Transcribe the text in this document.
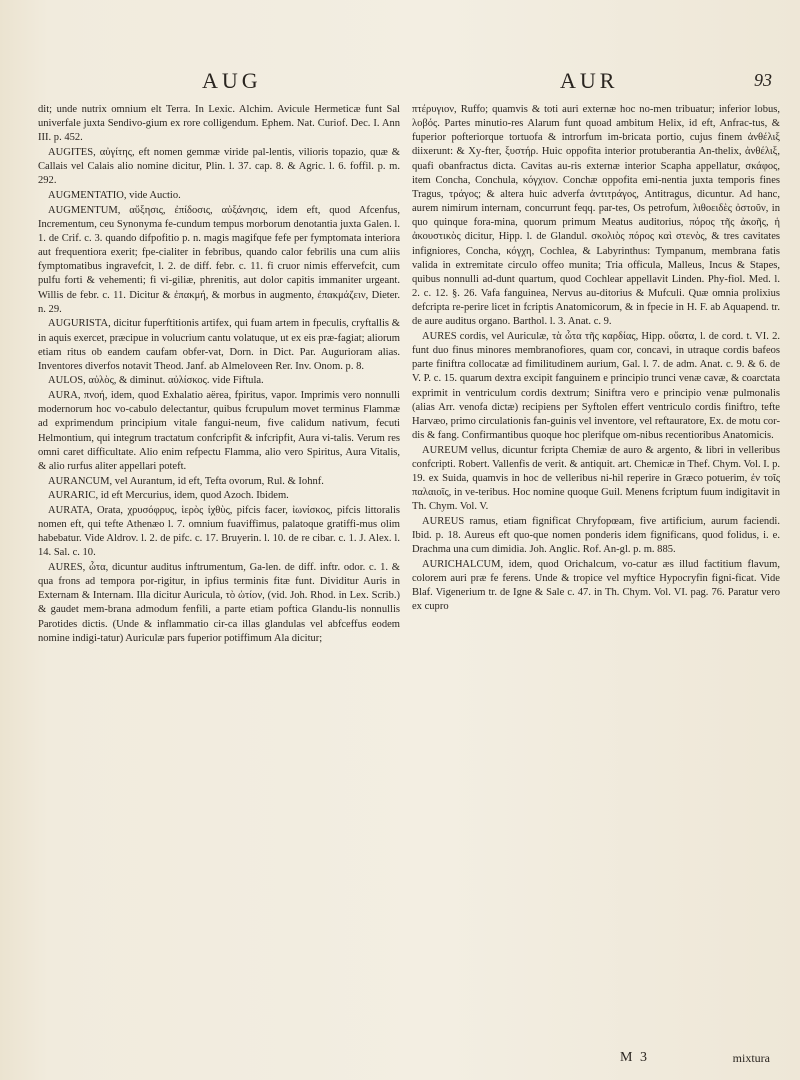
AUG	AUR	93

dit; unde nutrix omnium elt Terra. In Lexic. Alchim. Avicule Hermeticæ funt Sal univerfale juxta Sendivo-gium ex rore colligendum. Ephem. Nat. Curiof. Dec. I. Ann III. p. 452.

AUGITES, αὐγίτης, eft nomen gemmæ viride pal-lentis, vilioris topazio, quæ & Callais vel Calais alio nomine dicitur, Plin. l. 37. cap. 8. & Agric. l. 6. foffil. p. m. 292.

AUGMENTATIO, vide Auctio.

AUGMENTUM, αὔξησις, ἐπίδοσις, αὐξάνησις, idem eft, quod Afcenfus, Incrementum, ceu Synonyma fe-cundum tempus morborum denotantia juxta Galen. l. 1. de Crif. c. 3. quando difpofitio p. n. magis magifque fefe per fymptomata interiora aut frequentiora exerit; fpe-cialiter in febribus, quando calor febrilis una cum aliis fymptomatibus ingravefcit, l. 2. de diff. febr. c. 11. fi cruor nimis effervefcit, cum pulfu forti & vehementi; fi vi-giliæ, phrenitis, aut dolor capitis immaniter urgeant. Willis de febr. c. 11. Dicitur & ἐπακμή, & morbus in augmento, ἐπακμάζειν, Dieter. n. 29.

AUGURISTA, dicitur fuperftitionis artifex, qui fuam artem in fpeculis, cryftallis & in aquis exercet, præcipue in volucrium cantu volatuque, ut ex eis præ-fagiat; aliorum etiam ritus ob eandem caufam obfer-vat, Dorn. in Dict. Par. Augurioram alias. Inventores diverfos notavit Theod. Janf. ab Almeloveen Rer. Inv. Onom. p. 8.

AULOS, αὐλὸς, & diminut. αὐλίσκος. vide Fiftula.

AURA, πνοή, idem, quod Exhalatio aërea, fpiritus, vapor. Imprimis vero nonnulli modernorum hoc vo-cabulo delectantur, quibus fcrupulum movet terminus Flammæ ad exprimendum principium vitale fangui-neum, five calidum nativum, fecuti Helmontium, qui integrum tractatum confcripfit & infcripfit, Aura vi-talis. Verum res omni caret difficultate. Alio enim refpectu Flamma, alio vero Spiritus, Aura Vitalis, & alio rurfus aliter appellari poteft.

AURANCUM, vel Aurantum, id eft, Tefta ovorum, Rul. & Iohnf.

AURARIC, id eft Mercurius, idem, quod Azoch. Ibidem.

AURATA, Orata, χρυσόφρυς, ἱερὸς ἰχθὺς, pifcis facer, ἰωνίσκος, pifcis littoralis nomen eft, qui tefte Athenæo l. 7. omnium fuaviffimus, palatoque gratiffi-mus olim habebatur. Vide Aldrov. l. 2. de pifc. c. 17. Bruyerin. l. 10. de re cibar. c. 1. J. Alex. l. 14. Sal. c. 10.

AURES, ὦτα, dicuntur auditus inftrumentum, Ga-len. de diff. inftr. odor. c. 1. & qua frons ad tempora por-rigitur, in ipfius terminis fitæ funt. Dividitur Auris in Externam & Internam. Illa dicitur Auricula, τὸ ὠτίον, (vid. Joh. Rhod. in Lex. Scrib.) & gaudet mem-brana admodum fenfili, a parte etiam poftica Glandu-lis nonnullis Parotides dictis. (Unde & inflammatio cir-ca illas glandulas vel abfceffus eodem nomine indigi-tatur) Auriculæ pars fuperior potiffimum Ala dicitur;

πτέρυγιον, Ruffo; quamvis & toti auri externæ hoc no-men tribuatur; inferior lobus, λοβός. Partes minutio-res Alarum funt quoad ambitum Helix, id eft, Anfrac-tus, & fuperior pofteriorque tortuofa & introrfum im-bricata portio, cujus finem ἀνθέλιξ diixerunt: & Xy-fter, ξυστήρ. Huic oppofita interior protuberantia An-thelix, ἀνθέλιξ, quafi obanfractus dicta. Cavitas au-ris externæ interior Scapha appellatur, σκάφος, item Concha, Conchula, κόγχιον. Conchæ oppofita emi-nentia juxta temporis fines Tragus, τράγος; & altera huic adverfa ἀντιτράγος, Antitragus, dicuntur. Ad hanc, aurem nimirum internam, concurrunt feqq. par-tes, Os petrofum, λιθοειδὲς ὀστοῦν, in quo quinque fora-mina, quorum primum Meatus auditorius, πόρος τῆς ἀκοῆς, ἡ ἀκουστικὸς dicitur, Hipp. l. de Glandul. σκολιὸς πόρος καὶ στενὸς, & tres cavitates infigniores, Concha, κόγχη, Cochlea, & Labyrinthus: Tympanum, membrana fatis valida in extremitate circulo offeo munita; Tria officula, Malleus, Incus & Stapes, quibus nonnulli ad-dunt quartum, quod Cochlear appellavit Linden. Phy-fiol. Med. l. 2. c. 12. §. 26. Vafa fanguinea, Nervus au-ditorius & Mufculi. Quæ omnia prolixius defcripta re-perire licet in fcriptis Anatomicorum, & in fpecie in H. F. ab Aquapend. tr. de aure auditus organo. Barthol. l. 3. Anat. c. 9.

AURES cordis, vel Auriculæ, τὰ ὦτα τῆς καρδίας, Hipp. οὔατα, l. de cord. t. VI. 2. funt duo finus minores membranofiores, quam cor, concavi, in utraque cordis bafeos parte finiftra collocatæ ad fimilitudinem aurium, Gal. l. 7. de adm. Anat. c. 9. & 6. de V. P. c. 15. quarum dextra excipit fanguinem e principio trunci venæ cavæ, & coarctata exprimit in ventriculum cordis dextrum; Siniftra vero e principio venæ pulmonalis (alias Arr. venofa dictæ) recipiens per Syftolen effert ventriculo cordis finiftro, tefte Harvæo, primo circulationis fan-guinis vel inventore, vel reftauratore, Ex. de motu cor-dis & fang. Confirmantibus quoque hoc plerifque om-nibus recentioribus Anatomicis.

AUREUM vellus, dicuntur fcripta Chemiæ de auro & argento, & libri in velleribus confcripti. Robert. Vallenfis de verit. & antiquit. art. Chemicæ in Thef. Chym. Vol. I. p. 19. ex Suida, quamvis in hoc de velleribus ni-hil reperire in Græco potuerim, ἐν τοῖς παλαιοῖς, in ve-teribus. Hoc nomine quoque Guil. Menens fcriptum fuum indigitavit in Th. Chym. Vol. V.

AUREUS ramus, etiam fignificat Chryfopœam, five artificium, aurum faciendi. Ibid. p. 18. Aureus eft quo-que nomen ponderis idem fignificans, quod folidus, i. e. Drachma una cum dimidia. Joh. Anglic. Rof. An-gl. p. m. 885.

AURICHALCUM, idem, quod Orichalcum, vo-catur æs illud factitium flavum, colorem auri præ fe ferens. Unde & tropice vel myftice Hypocryfin figni-ficat. Vide Blaf. Vigenerium tr. de Igne & Sale c. 47. in Th. Chym. Vol. VI. pag. 76. Paratur vero ex cupro

M 3	mixtura
